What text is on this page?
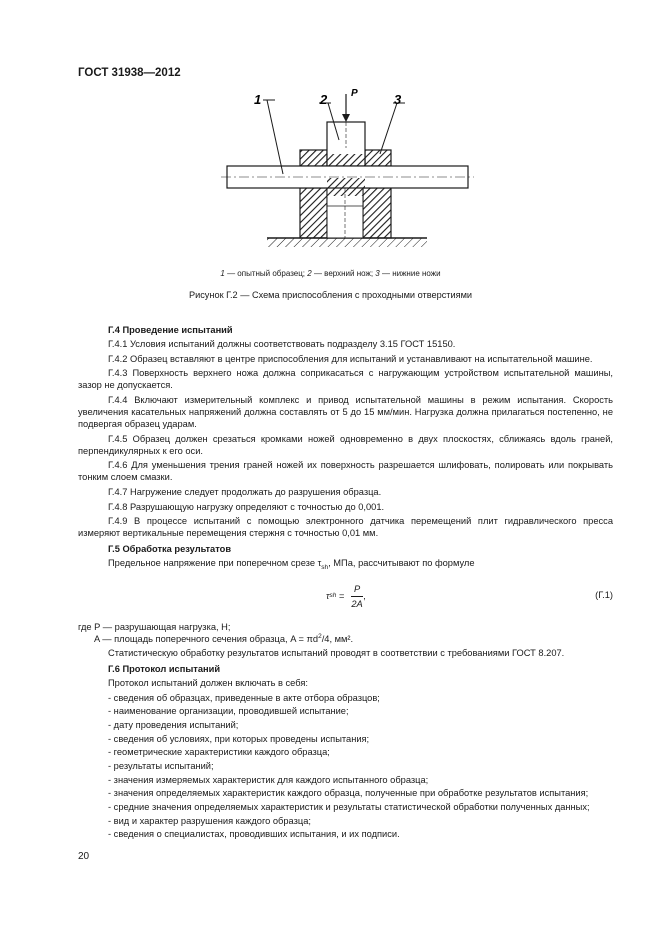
ГОСТ 31938—2012
P
1	2	3
1 — опытный образец; 2 — верхний нож; 3 — нижние ножи
Рисунок Г.2 — Схема приспособления с проходными отверстиями
Г.4 Проведение испытаний
Г.4.1 Условия испытаний должны соответствовать подразделу 3.15 ГОСТ 15150.
Г.4.2 Образец вставляют в центре приспособления для испытаний и устанавливают на испытательной машине.
Г.4.3 Поверхность верхнего ножа должна соприкасаться с нагружающим устройством испытательной машины, зазор не допускается.
Г.4.4 Включают измерительный комплекс и привод испытательной машины в режим испытания. Скорость увеличения касательных напряжений должна составлять от 5 до 15 мм/мин. Нагрузка должна прилагаться постепенно, не подвергая образец ударам.
Г.4.5 Образец должен срезаться кромками ножей одновременно в двух плоскостях, сближаясь вдоль граней, перпендикулярных к его оси.
Г.4.6 Для уменьшения трения граней ножей их поверхность разрешается шлифовать, полировать или покрывать тонким слоем смазки.
Г.4.7 Нагружение следует продолжать до разрушения образца.
Г.4.8 Разрушающую нагрузку определяют с точностью до 0,001.
Г.4.9 В процессе испытаний с помощью электронного датчика перемещений плит гидравлического пресса измеряют вертикальные перемещения стержня с точностью 0,01 мм.
Г.5 Обработка результатов
Предельное напряжение при поперечном срезе $\tau_{sh}$, МПа, рассчитывают по формуле
τ sh = $\frac{P}{2A}$ ,	(Г.1)
где P — разрушающая нагрузка, Н;
A — площадь поперечного сечения образца, $A = \pi d^2/4$, мм².
Статистическую обработку результатов испытаний проводят в соответствии с требованиями ГОСТ 8.207.
Г.6 Протокол испытаний
Протокол испытаний должен включать в себя:
- сведения об образцах, приведенные в акте отбора образцов;
- наименование организации, проводившей испытание;
- дату проведения испытаний;
- сведения об условиях, при которых проведены испытания;
- геометрические характеристики каждого образца;
- результаты испытаний;
- значения измеряемых характеристик для каждого испытанного образца;
- значения определяемых характеристик каждого образца, полученные при обработке результатов испытания;
- средние значения определяемых характеристик и результаты статистической обработки полученных данных;
- вид и характер разрушения каждого образца;
- сведения о специалистах, проводивших испытания, и их подписи.
20
